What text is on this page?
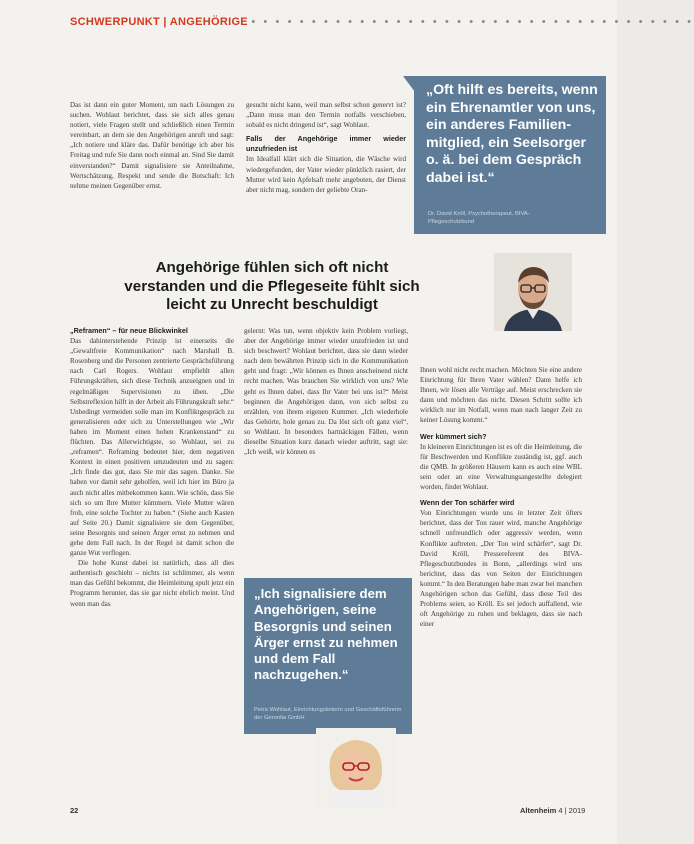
SCHWERPUNKT | ANGEHÖRIGE • • • • • • • • • • • • • • • • • • • • • • • • • • • • • • • • • • • • •
„Oft hilft es bereits, wenn ein Ehrenamtler von uns, ein anderes Familienmitglied, ein Seelsorger o. ä. bei dem Gespräch dabei ist.“
Dr. David Kröll, Psychotherapeut, BIVA-Pflegeschutzbund

Das ist dann ein guter Moment, um nach Lösungen zu suchen. Wohlaut berichtet, dass sie sich alles genau notiert, viele Fragen stellt und schließlich einen Termin vereinbart, an dem sie den Angehörigen anruft und sagt: „Ich notiere und kläre das. Dafür benötige ich aber bis Freitag und rufe Sie dann noch einmal an. Sind Sie damit einverstanden?“ Damit signalisiere sie Anteilnahme, Wertschätzung, Respekt und sende die Botschaft: Ich nehme meinen Gegenüber ernst.

gesucht nicht kann, weil man selbst schon genervt ist? „Dann muss man den Termin notfalls verschieben, sobald es nicht dringend ist“, sagt Wohlaut.

Falls der Angehörige immer wieder unzufrieden ist

Im Idealfall klärt sich die Situation, die Wäsche wird wiedergefunden, der Vater wieder pünktlich rasiert, der Mutter wird kein Apfelsaft mehr angeboten, der Dienst aber nicht mag, sondern der geliebte Oran-

Angehörige fühlen sich oft nicht verstanden und die Pflegeseite fühlt sich leicht zu Unrecht beschuldigt

„Reframen“ – für neue Blickwinkel

Das dahinterstehende Prinzip ist einerseits die „Gewaltfreie Kommunikation“ nach Marshall B. Rosenberg und die Personen zentrierte Gesprächsführung nach Carl Rogers. Wohlaut empfiehlt allen Führungskräften, sich diese Technik anzueignen und in regelmäßigen Supervisionen zu üben. „Die Selbstreflexion hilft in der Arbeit als Führungskraft sehr.“ Unbedingt vermeiden solle man im Konfliktgespräch zu generalisieren oder sich zu Unterstellungen wie „Wir haben im Moment einen hohen Krankenstand“ zu flüchten. Das Allerwichtigste, so Wohlaut, sei zu „reframen“. Reframing bedeutet hier, dem negativen Kontext in einen positiven umzudeuten und zu sagen: „Ich finde das gut, dass Sie mir das sagen. Danke. Sie haben vor damit sehr geholfen, weil ich hier im Büro ja auch nicht alles mitbekommen kann. Wie schön, dass Sie sich so um Ihre Mutter kümmern. Viele Mutter wären froh, eine solche Tochter zu haben.“ (Siehe auch Kasten auf Seite 20.) Damit signalisiere sie dem Gegenüber, seine Besorgnis und seinen Ärger ernst zu nehmen und gehe dem Fall nach. In der Regel ist damit schon die ganze Wut verflogen.

Die hohe Kunst dabei ist natürlich, dass all dies authentisch geschieht – nichts ist schlimmer, als wenn man das Gefühl bekommt, die Heimleitung spult jetzt ein Programm herunter, das sie gar nicht ehrlich meint. Und wenn man das

gelernt: Was tun, wenn objektiv kein Problem vorliegt, aber der Angehörige immer wieder unzufrieden ist und sich beschwert? Wohlaut berichtet, dass sie dann wieder nach dem bewährten Prinzip sich in die Kommunikation geht und fragt: „Wir können es Ihnen anscheinend nicht recht machen. Was brauchen Sie wirklich von uns? Wie geht es Ihnen dabei, dass Ihr Vater bei uns ist?“ Meist beginnen die Angehörigen dann, von sich selbst zu erzählen, von ihrem eigenen Kummer. „Ich wiederhole das Gehörte, hole genau zu. Da löst sich oft ganz viel“, so Wohlaut. In besonders hartnäckigen Fällen, wenn dieselbe Situation kurz danach wieder auftritt, sagt sie: „Ich weiß, wir können es

Ihnen wohl nicht recht machen. Möchten Sie eine andere Einrichtung für Ihren Vater wählen? Dann helfe ich Ihnen, wir lösen alle Verträge auf. Meist erschrecken sie dann und möchten das nicht. Diesen Schritt sollte ich wirklich nur im Notfall, wenn man nach langer Zeit zu keiner Lösung kommt.“

Wer kümmert sich?

In kleineren Einrichtungen ist es oft die Heimleitung, die für Beschwerden und Konflikte zuständig ist, ggf. auch die QMB. In größeren Häusern kann es auch eine WBL sein oder an eine Verwaltungsangestellte delegiert worden, findet Wohlaut.

Wenn der Ton schärfer wird

Von Einrichtungen wurde uns in letzter Zeit öfters berichtet, dass der Ton rauer wird, manche Angehörige schnell unfreundlich oder aggressiv werden, wenn Konflikte auftreten. „Der Ton wird schärfer“, sagt Dr. David Kröll, Pressereferent des BIVA-Pflegeschutzbundes in Bonn, „allerdings wird uns berichtet, dass das von Seiten der Einrichtungen kommt.“ In den Beratungen habe man zwar bei manchen Angehörigen schon das Gefühl, dass diese Teil des Problems seien, so Kröll. Es sei jedoch auffallend, wie oft Angehörige zu ruhen und beklagen, dass sie nach einer

„Ich signalisiere dem Angehörigen, seine Besorgnis und seinen Ärger ernst zu nehmen und dem Fall nachzugehen.“
Petra Wohlaut, Einrichtungsleiterin und Geschäftsführerin der Gerontia GmbH
22	Altenheim 4 | 2019
